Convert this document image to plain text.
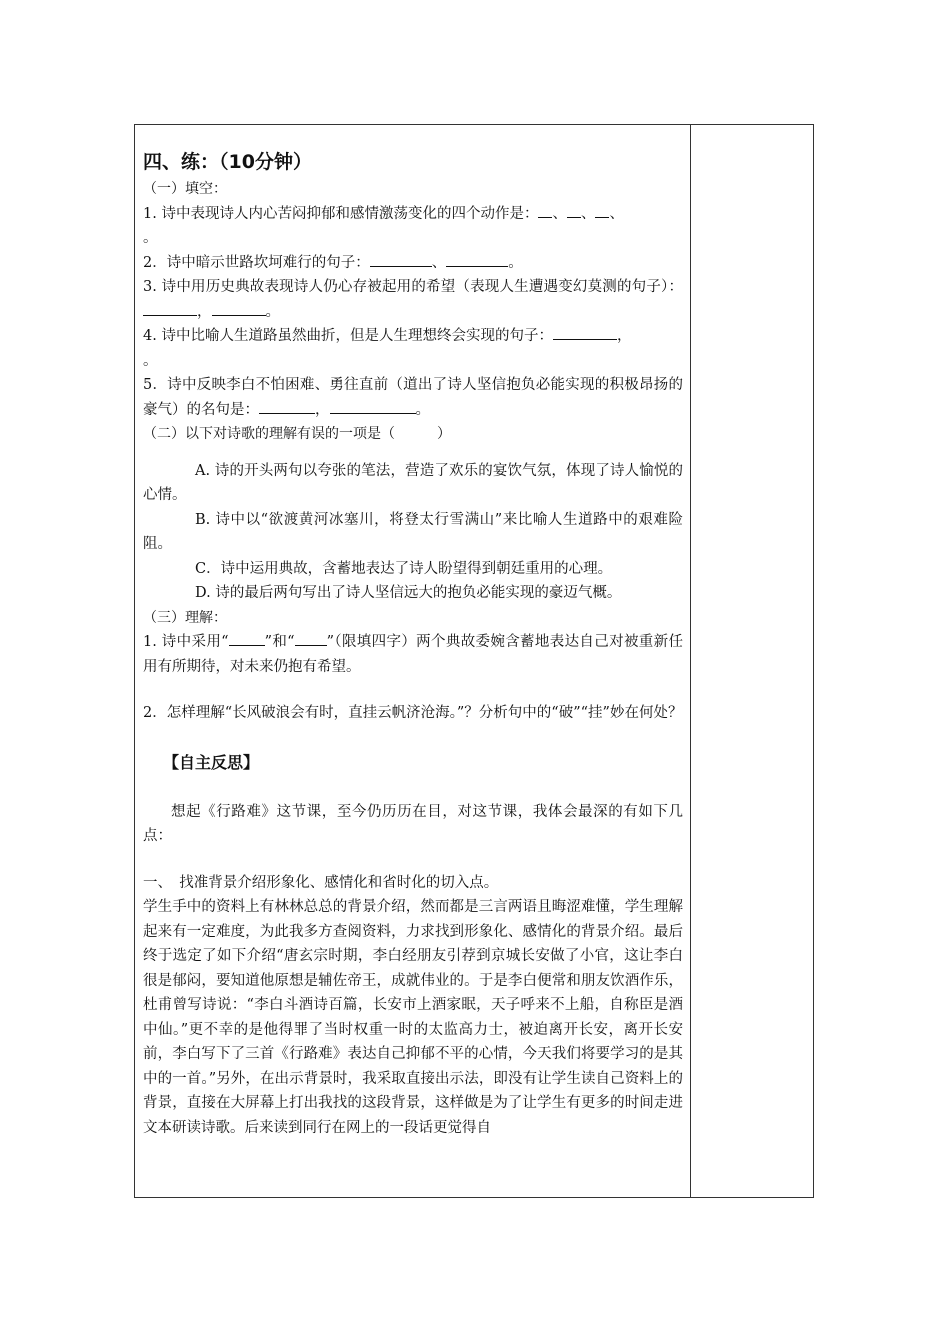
四、练：（10分钟）

（一）填空：

1. 诗中表现诗人内心苦闷抑郁和感情激荡变化的四个动作是： 、 、 、

。

2．诗中暗示世路坎坷难行的句子：	、	。

3. 诗中用历史典故表现诗人仍心存被起用的希望（表现人生遭遇变幻莫测的句子）：，	。

4. 诗中比喻人生道路虽然曲折，但是人生理想终会实现的句子：	，

。

5．诗中反映李白不怕困难、勇往直前（道出了诗人坚信抱负必能实现的积极昂扬的豪气）的名句是：	，	。

（二）以下对诗歌的理解有误的一项是（　　　）

A. 诗的开头两句以夸张的笔法，营造了欢乐的宴饮气氛，体现了诗人愉悦的心情。

B. 诗中以“欲渡黄河冰塞川，将登太行雪满山”来比喻人生道路中的艰难险阻。

C．诗中运用典故，含蓄地表达了诗人盼望得到朝廷重用的心理。

D. 诗的最后两句写出了诗人坚信远大的抱负必能实现的豪迈气概。

（三）理解：

1. 诗中采用“ ”和“ ”（限填四字）两个典故委婉含蓄地表达自己对被重新任用有所期待，对未来仍抱有希望。

2．怎样理解“长风破浪会有时，直挂云帆济沧海。”？分析句中的“破”“挂”妙在何处？

【自主反思】

想起《行路难》这节课，至今仍历历在目，对这节课，我体会最深的有如下几点：

一、　找准背景介绍形象化、感情化和省时化的切入点。

学生手中的资料上有林林总总的背景介绍，然而都是三言两语且晦涩难懂，学生理解起来有一定难度，为此我多方查阅资料，力求找到形象化、感情化的背景介绍。最后终于选定了如下介绍“唐玄宗时期，李白经朋友引荐到京城长安做了小官，这让李白很是郁闷，要知道他原想是辅佐帝王，成就伟业的。于是李白便常和朋友饮酒作乐，杜甫曾写诗说：“李白斗酒诗百篇，长安市上酒家眠，天子呼来不上船，自称臣是酒中仙。”更不幸的是他得罪了当时权重一时的太监高力士，被迫离开长安，离开长安前，李白写下了三首《行路难》表达自己抑郁不平的心情，今天我们将要学习的是其中的一首。”另外，在出示背景时，我采取直接出示法，即没有让学生读自己资料上的背景，直接在大屏幕上打出我找的这段背景，这样做是为了让学生有更多的时间走进文本研读诗歌。后来读到同行在网上的一段话更觉得自
